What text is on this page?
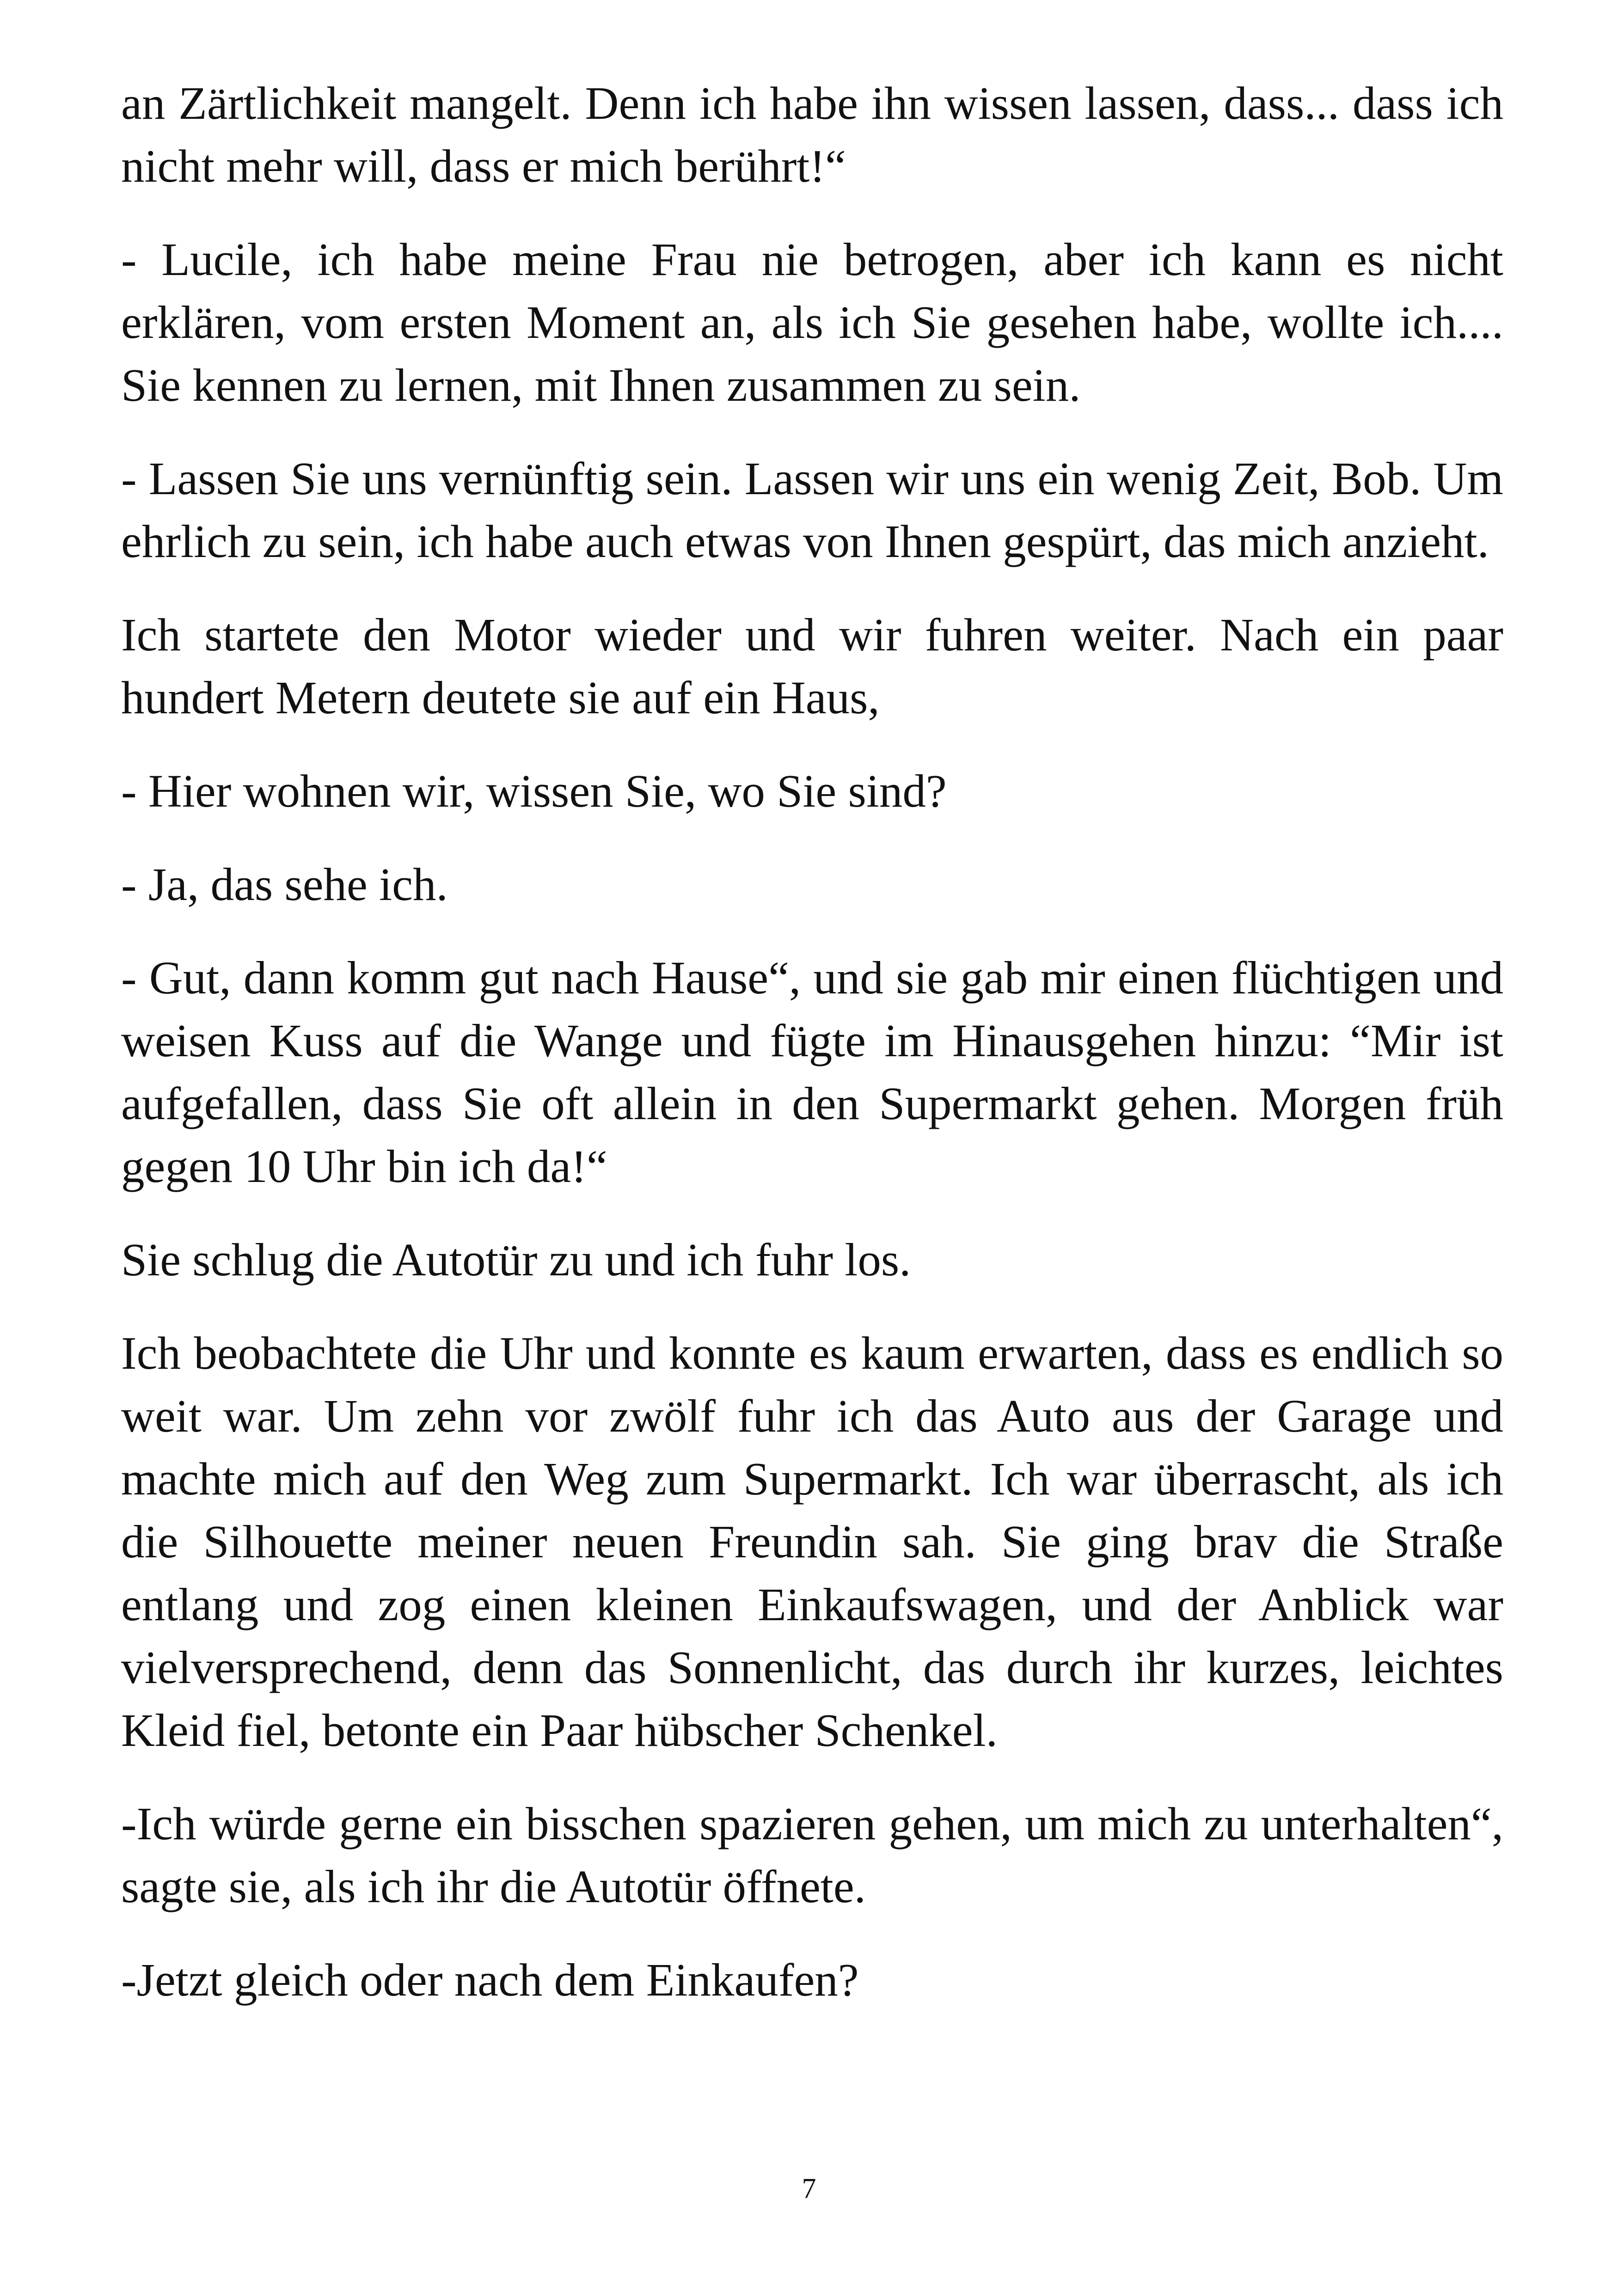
an Zärtlichkeit mangelt. Denn ich habe ihn wissen lassen, dass... dass ich nicht mehr will, dass er mich berührt!“

- Lucile, ich habe meine Frau nie betrogen, aber ich kann es nicht erklären, vom ersten Moment an, als ich Sie gesehen habe, wollte ich.... Sie kennen zu lernen, mit Ihnen zusammen zu sein.

- Lassen Sie uns vernünftig sein. Lassen wir uns ein wenig Zeit, Bob. Um ehrlich zu sein, ich habe auch etwas von Ihnen gespürt, das mich anzieht.

Ich startete den Motor wieder und wir fuhren weiter. Nach ein paar hundert Metern deutete sie auf ein Haus,

- Hier wohnen wir, wissen Sie, wo Sie sind?

- Ja, das sehe ich.

- Gut, dann komm gut nach Hause“, und sie gab mir einen flüchtigen und weisen Kuss auf die Wange und fügte im Hinausgehen hinzu: “Mir ist aufgefallen, dass Sie oft allein in den Supermarkt gehen. Morgen früh gegen 10 Uhr bin ich da!“

Sie schlug die Autotür zu und ich fuhr los.

Ich beobachtete die Uhr und konnte es kaum erwarten, dass es endlich so weit war. Um zehn vor zwölf fuhr ich das Auto aus der Garage und machte mich auf den Weg zum Supermarkt. Ich war überrascht, als ich die Silhouette meiner neuen Freundin sah. Sie ging brav die Straße entlang und zog einen kleinen Einkaufswagen, und der Anblick war vielversprechend, denn das Sonnenlicht, das durch ihr kurzes, leichtes Kleid fiel, betonte ein Paar hübscher Schenkel.

-Ich würde gerne ein bisschen spazieren gehen, um mich zu unterhalten“, sagte sie, als ich ihr die Autotür öffnete.

-Jetzt gleich oder nach dem Einkaufen?

7
